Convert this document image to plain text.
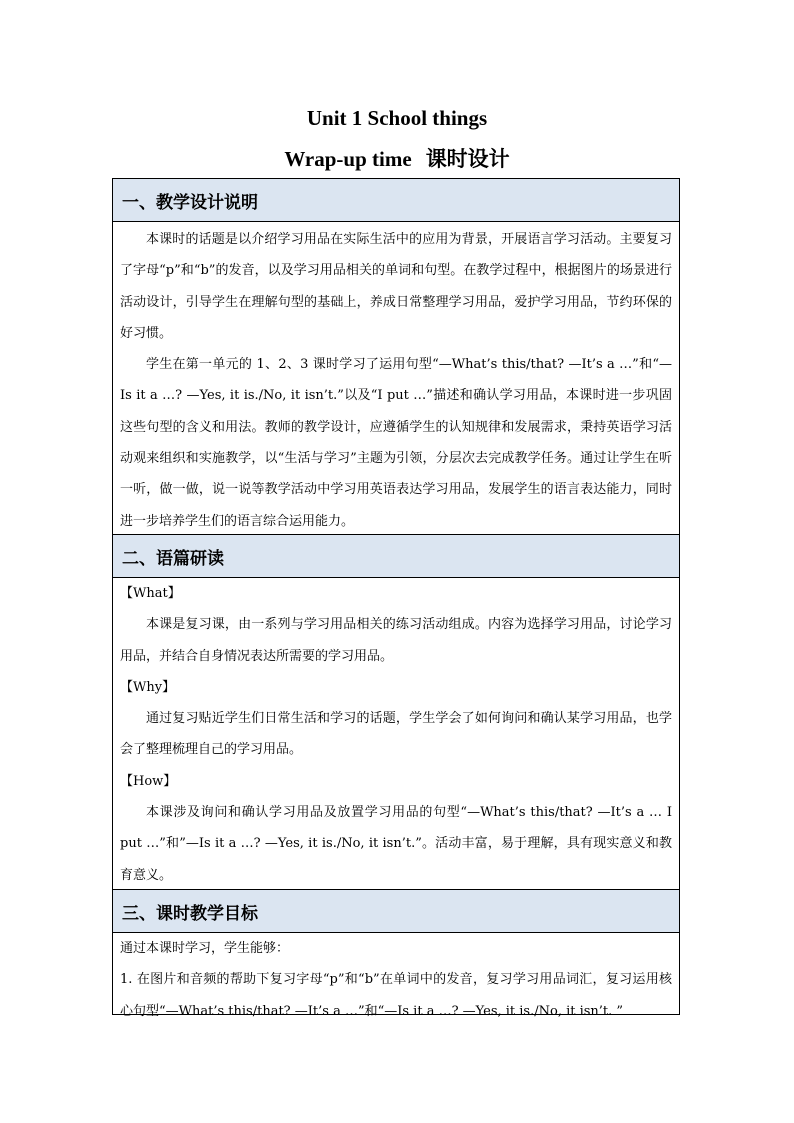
Unit 1 School things
Wrap-up time 课时设计
一、教学设计说明

本课时的话题是以介绍学习用品在实际生活中的应用为背景，开展语言学习活动。主要复习了字母“p”和“b”的发音，以及学习用品相关的单词和句型。在教学过程中，根据图片的场景进行活动设计，引导学生在理解句型的基础上，养成日常整理学习用品，爱护学习用品，节约环保的好习惯。

学生在第一单元的 1、2、3 课时学习了运用句型“—What’s this/that? —It’s a …”和“—Is it a …? —Yes, it is./No, it isn’t.”以及“I put …”描述和确认学习用品，本课时进一步巩固这些句型的含义和用法。教师的教学设计，应遵循学生的认知规律和发展需求，秉持英语学习活动观来组织和实施教学，以“生活与学习”主题为引领，分层次去完成教学任务。通过让学生在听一听，做一做，说一说等教学活动中学习用英语表达学习用品，发展学生的语言表达能力，同时进一步培养学生们的语言综合运用能力。

二、语篇研读

【What】

本课是复习课，由一系列与学习用品相关的练习活动组成。内容为选择学习用品，讨论学习用品，并结合自身情况表达所需要的学习用品。

【Why】

通过复习贴近学生们日常生活和学习的话题，学生学会了如何询问和确认某学习用品，也学会了整理梳理自己的学习用品。

【How】

本课涉及询问和确认学习用品及放置学习用品的句型“—What’s this/that? —It’s a … I put …”和”—Is it a …? —Yes, it is./No, it isn’t.”。活动丰富，易于理解，具有现实意义和教育意义。

三、课时教学目标

通过本课时学习，学生能够：

1. 在图片和音频的帮助下复习字母“p”和“b”在单词中的发音，复习学习用品词汇，复习运用核心句型“—What’s this/that? —It’s a …”和“—Is it a …? —Yes, it is./No, it isn’t. ”
